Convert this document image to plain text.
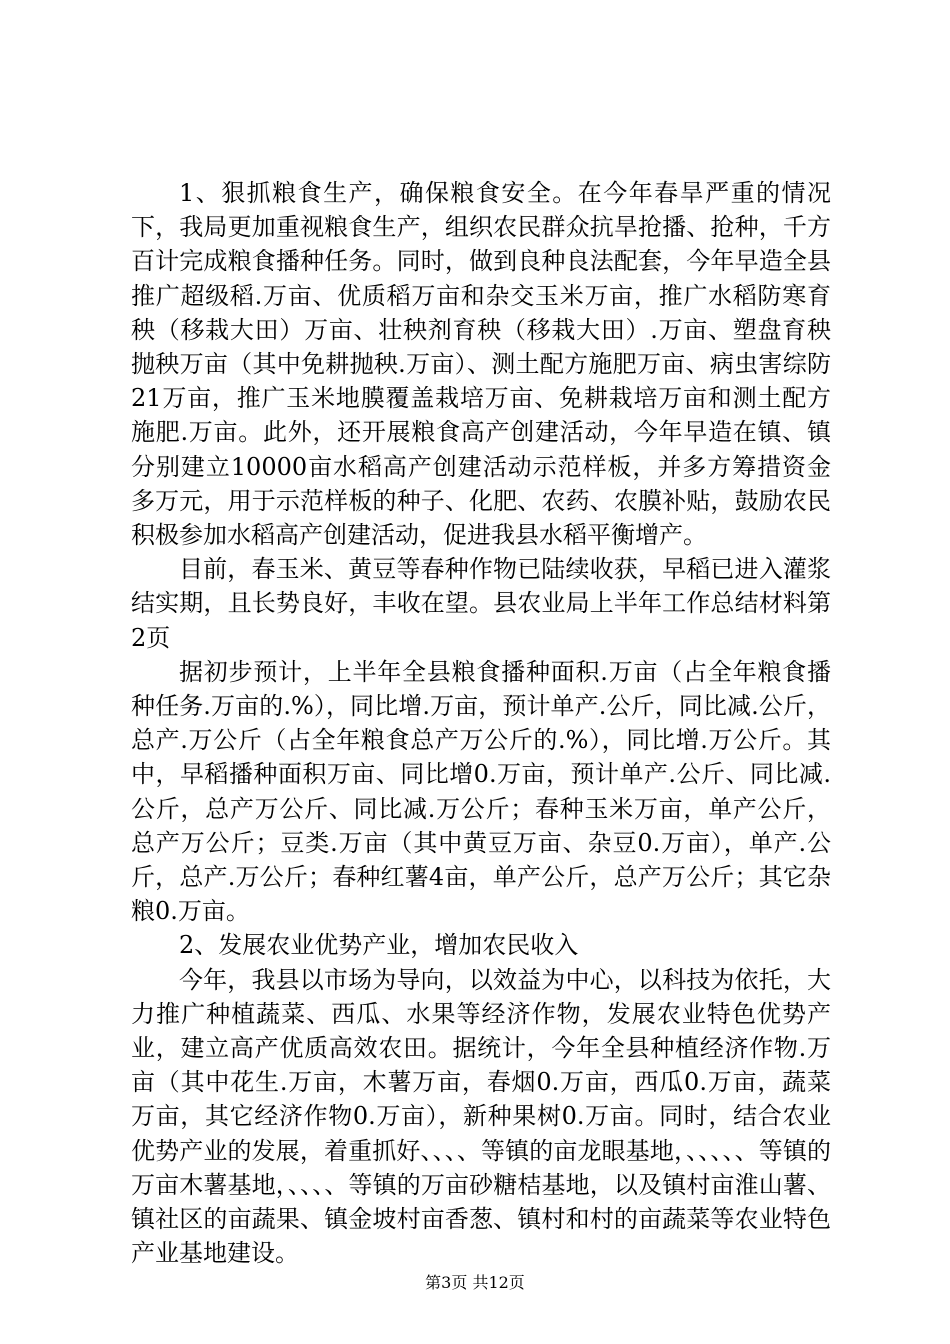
1、狠抓粮食生产，确保粮食安全。在今年春旱严重的情况下，我局更加重视粮食生产，组织农民群众抗旱抢播、抢种，千方百计完成粮食播种任务。同时，做到良种良法配套，今年早造全县推广超级稻.万亩、优质稻万亩和杂交玉米万亩，推广水稻防寒育秧（移栽大田）万亩、壮秧剂育秧（移栽大田）.万亩、塑盘育秧抛秧万亩（其中免耕抛秧.万亩）、测土配方施肥万亩、病虫害综防21万亩，推广玉米地膜覆盖栽培万亩、免耕栽培万亩和测土配方施肥.万亩。此外，还开展粮食高产创建活动，今年早造在镇、镇分别建立10000亩水稻高产创建活动示范样板，并多方筹措资金多万元，用于示范样板的种子、化肥、农药、农膜补贴，鼓励农民积极参加水稻高产创建活动，促进我县水稻平衡增产。

目前，春玉米、黄豆等春种作物已陆续收获，早稻已进入灌浆结实期，且长势良好，丰收在望。县农业局上半年工作总结材料第2页

据初步预计，上半年全县粮食播种面积.万亩（占全年粮食播种任务.万亩的.%），同比增.万亩，预计单产.公斤，同比减.公斤，总产.万公斤（占全年粮食总产万公斤的.%），同比增.万公斤。其中，早稻播种面积万亩、同比增0.万亩，预计单产.公斤、同比减.公斤，总产万公斤、同比减.万公斤；春种玉米万亩，单产公斤，总产万公斤；豆类.万亩（其中黄豆万亩、杂豆0.万亩），单产.公斤，总产.万公斤；春种红薯4亩，单产公斤，总产万公斤；其它杂粮0.万亩。

2、发展农业优势产业，增加农民收入

今年，我县以市场为导向，以效益为中心，以科技为依托，大力推广种植蔬菜、西瓜、水果等经济作物，发展农业特色优势产业，建立高产优质高效农田。据统计，今年全县种植经济作物.万亩（其中花生.万亩，木薯万亩，春烟0.万亩，西瓜0.万亩，蔬菜万亩，其它经济作物0.万亩），新种果树0.万亩。同时，结合农业优势产业的发展，着重抓好、、、、等镇的亩龙眼基地，、、、、、等镇的万亩木薯基地，、、、、等镇的万亩砂糖桔基地，以及镇村亩淮山薯、镇社区的亩蔬果、镇金坡村亩香葱、镇村和村的亩蔬菜等农业特色产业基地建设。

第3页 共12页
